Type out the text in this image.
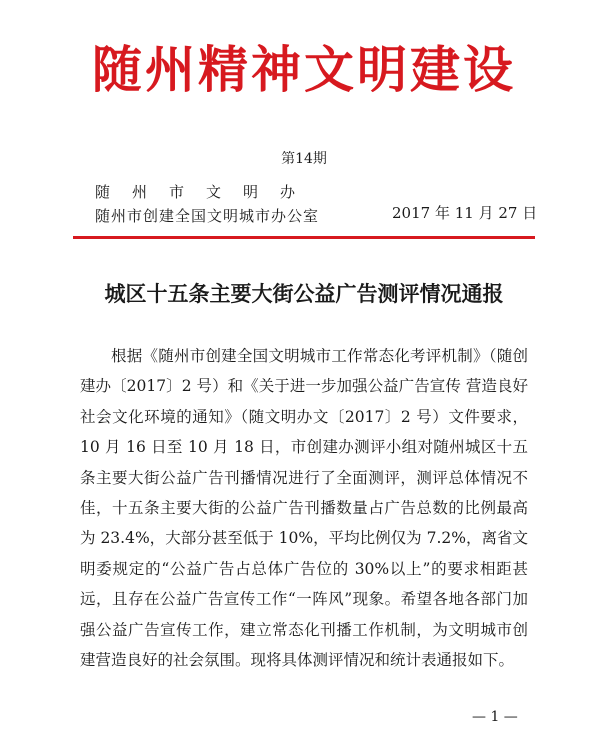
随州精神文明建设
第14期
随州市文明办
随州市创建全国文明城市办公室	2017 年 11 月 27 日
城区十五条主要大街公益广告测评情况通报
根据《随州市创建全国文明城市工作常态化考评机制》（随创建办〔2017〕2 号）和《关于进一步加强公益广告宣传 营造良好社会文化环境的通知》（随文明办文〔2017〕2 号）文件要求，10 月 16 日至 10 月 18 日，市创建办测评小组对随州城区十五条主要大街公益广告刊播情况进行了全面测评，测评总体情况不佳，十五条主要大街的公益广告刊播数量占广告总数的比例最高为 23.4%，大部分甚至低于 10%，平均比例仅为 7.2%，离省文明委规定的“公益广告占总体广告位的 30%以上”的要求相距甚远，且存在公益广告宣传工作“一阵风”现象。希望各地各部门加强公益广告宣传工作，建立常态化刊播工作机制，为文明城市创建营造良好的社会氛围。现将具体测评情况和统计表通报如下。
— 1 —
